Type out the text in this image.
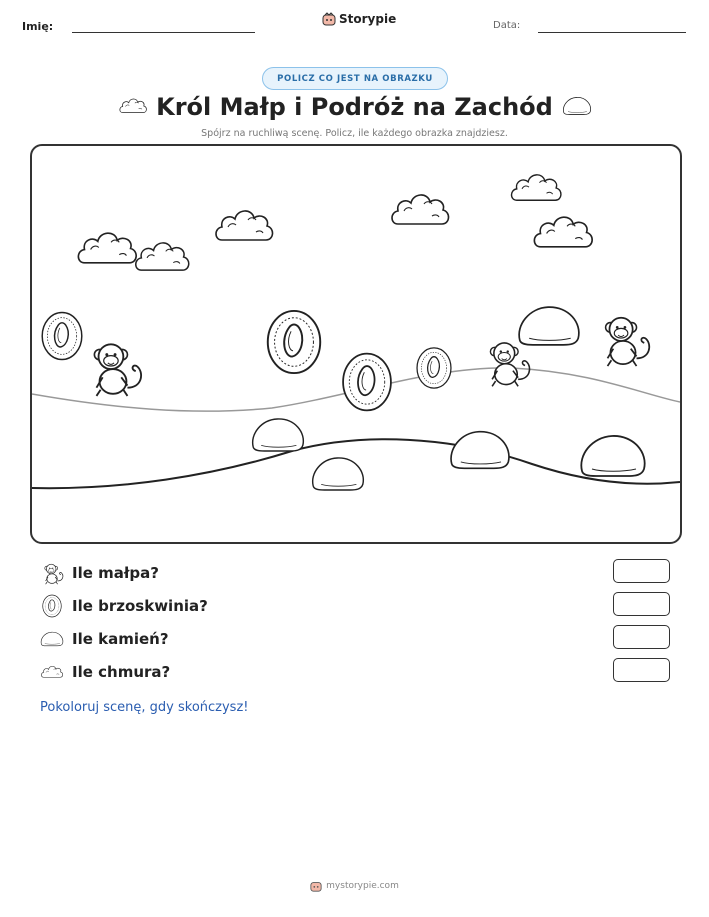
Imię:
Storypie	Data:
POLICZ CO JEST NA OBRAZKU
Król Małp i Podróż na Zachód
Spójrz na ruchliwą scenę. Policz, ile każdego obrazka znajdziesz.
Ile małpa?
Ile brzoskwinia?
Ile kamień?
Ile chmura?
Pokoloruj scenę, gdy skończysz!
mystorypie.com
